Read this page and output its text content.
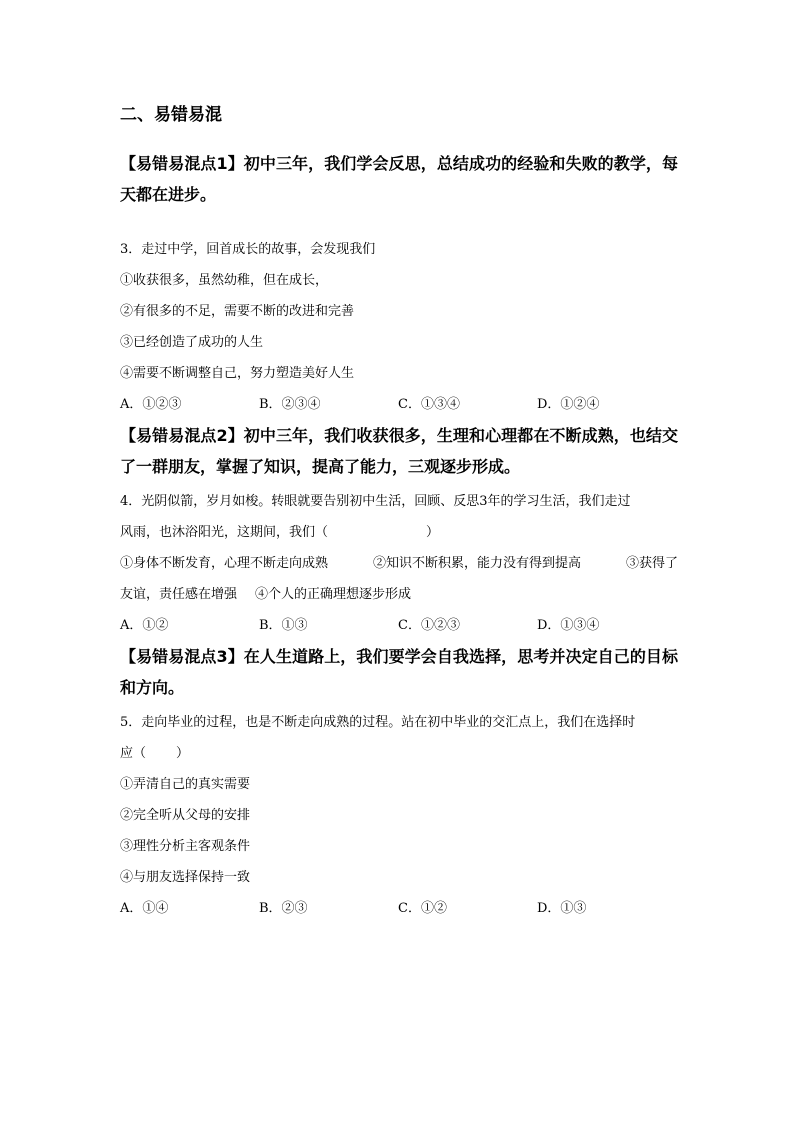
二、易错易混
【易错易混点1】初中三年，我们学会反思，总结成功的经验和失败的教学，每天都在进步。

3．走过中学，回首成长的故事，会发现我们

①收获很多，虽然幼稚，但在成长，

②有很多的不足，需要不断的改进和完善

③已经创造了成功的人生

④需要不断调整自己，努力塑造美好人生

A．①②③	B．②③④	C．①③④	D．①②④
【易错易混点2】初中三年，我们收获很多，生理和心理都在不断成熟，也结交了一群朋友，掌握了知识，提高了能力，三观逐步形成。

4．光阴似箭，岁月如梭。转眼就要告别初中生活，回顾、反思3年的学习生活，我们走过

风雨，也沐浴阳光，这期间，我们（	）

①身体不断发育，心理不断走向成熟	②知识不断积累，能力没有得到提高	③获得了

友谊，责任感在增强 ④个人的正确理想逐步形成

A．①②	B．①③	C．①②③	D．①③④
【易错易混点3】在人生道路上，我们要学会自我选择，思考并决定自己的目标和方向。

5．走向毕业的过程，也是不断走向成熟的过程。站在初中毕业的交汇点上，我们在选择时

应（ ）

①弄清自己的真实需要

②完全听从父母的安排

③理性分析主客观条件

④与朋友选择保持一致

A．①④	B．②③	C．①②	D．①③
